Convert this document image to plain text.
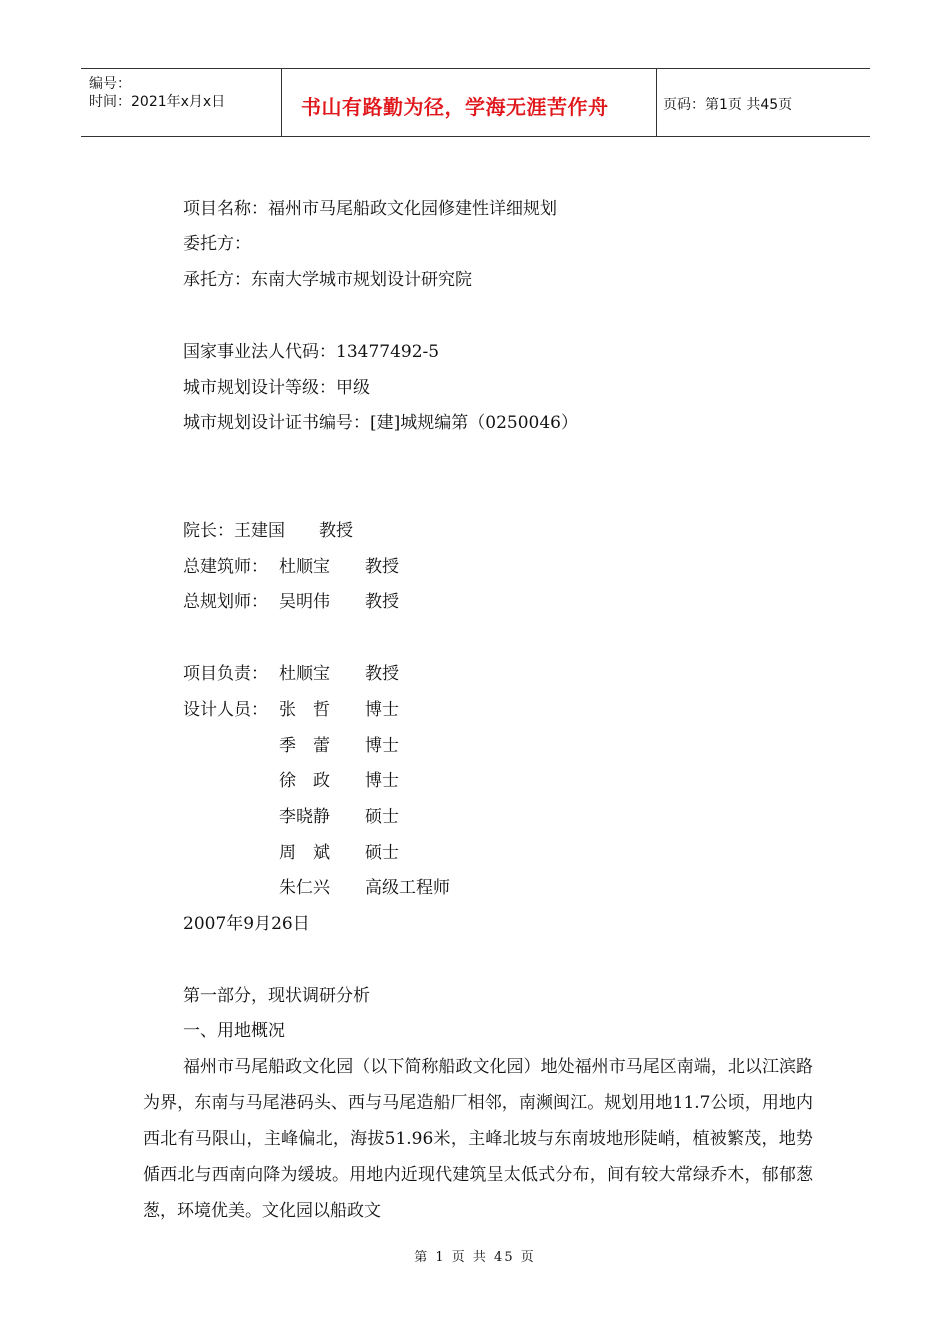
编号：
时间：2021年x月x日	书山有路勤为径，学海无涯苦作舟	页码：第1页 共45页
项目名称：福州市马尾船政文化园修建性详细规划
委托方：
承托方：东南大学城市规划设计研究院
国家事业法人代码：13477492-5
城市规划设计等级：甲级
城市规划设计证书编号：[建]城规编第（0250046）
院长：王建国 教授
总建筑师： 杜顺宝 教授
总规划师： 吴明伟 教授
项目负责： 杜顺宝 教授
设计人员： 张　哲 博士
季　蕾 博士
徐　政 博士
李晓静 硕士
周　斌 硕士
朱仁兴 高级工程师
2007年9月26日
第一部分，现状调研分析
一、用地概况
福州市马尾船政文化园（以下简称船政文化园）地处福州市马尾区南端，北以江滨路为界，东南与马尾港码头、西与马尾造船厂相邻，南濒闽江。规划用地11.7公顷，用地内西北有马限山，主峰偏北，海拔51.96米，主峰北坡与东南坡地形陡峭，植被繁茂，地势偱西北与西南向降为缓坡。用地内近现代建筑呈太低式分布，间有较大常绿乔木，郁郁葱葱，环境优美。文化园以船政文
第 1 页 共 45 页
